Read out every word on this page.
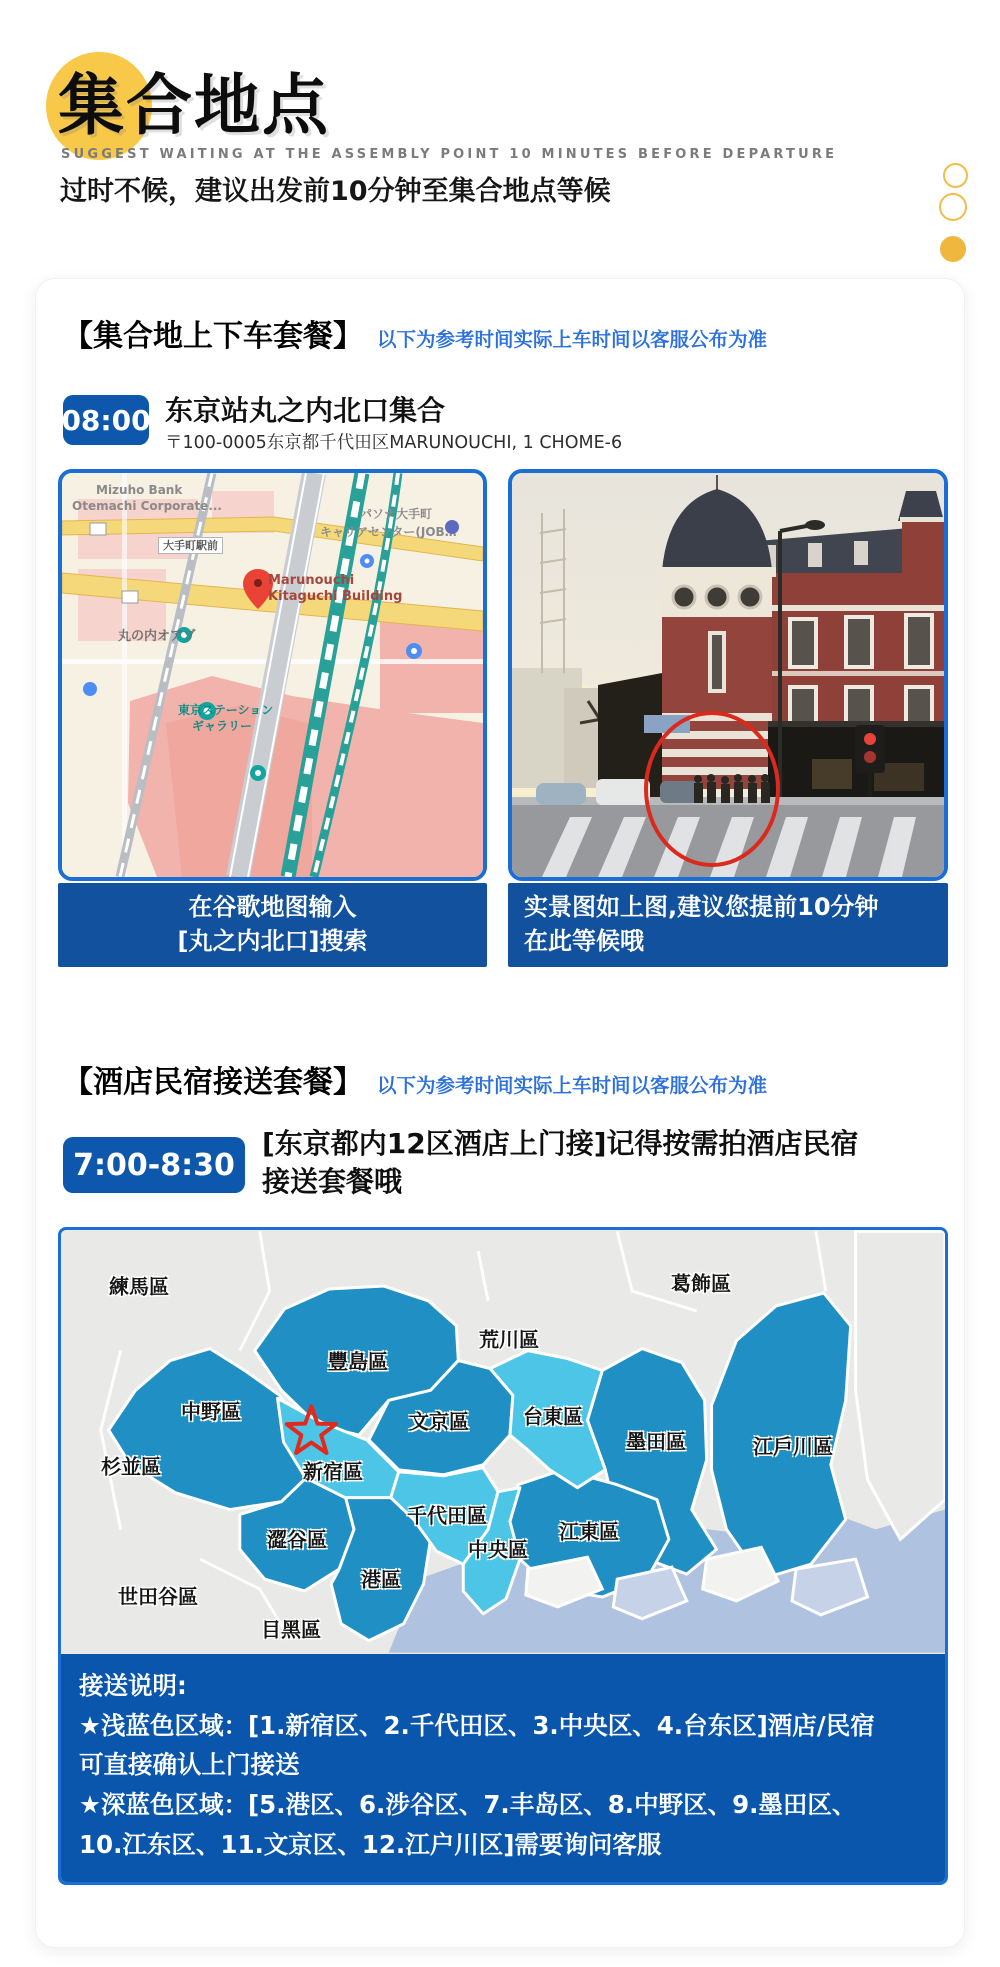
集合地点
SUGGEST WAITING AT THE ASSEMBLY POINT 10 MINUTES BEFORE DEPARTURE
过时不候，建议出发前10分钟至集合地点等候
【集合地上下车套餐】 以下为参考时间实际上车时间以客服公布为准
08:00 东京站丸之内北口集合
〒100-0005东京都千代田区MARUNOUCHI, 1 CHOME-6
Mizuho Bank
Otemachi Corporate...
パソナ大手町
キャリアセンター(JOB…
大手町駅前
Marunouchi
Kitaguchi Building
丸の内オアゾ
東京ステーション
ギャラリー
在谷歌地图输入
[丸之内北口]搜索
实景图如上图,建议您提前10分钟
在此等候哦
【酒店民宿接送套餐】 以下为参考时间实际上车时间以客服公布为准
7:00-8:30
[东京都内12区酒店上门接]记得按需拍酒店民宿
接送套餐哦
練馬區	葛飾區
荒川區
豐島區
中野區	文京區	台東區
墨田區	江戶川區
杉並區	新宿區
千代田區
澀谷區	中央區
江東區
港區
世田谷區
目黑區
接送说明:
★浅蓝色区域：[1.新宿区、2.千代田区、3.中央区、4.台东区]酒店/民宿
可直接确认上门接送
★深蓝色区域：[5.港区、6.涉谷区、7.丰岛区、8.中野区、9.墨田区、
10.江东区、11.文京区、12.江户川区]需要询问客服
